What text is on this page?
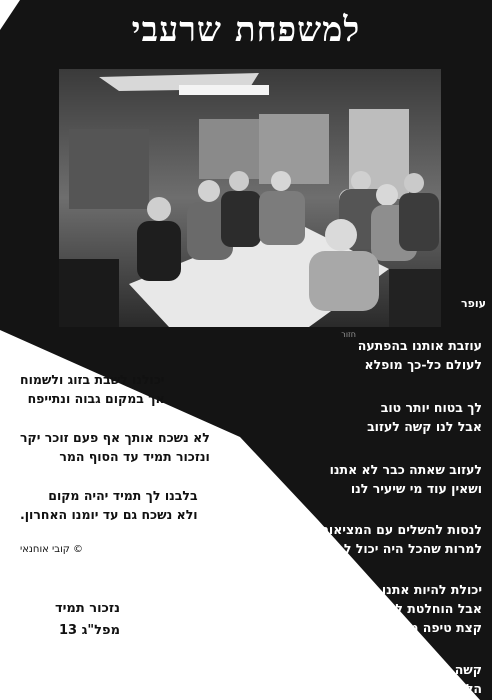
למשפחת שרעבי
עופר
עוזבת אותנו בהפתעה
לעולם כל-כך מופלא
לך בטוח יותר טוב
אבל לנו קשה לעזוב
לעזוב שאתה כבר לא אתנו
ושאין עוד מי שיעיר לנו
לנסות להשלים עם המציאות הכואבת
למרות שהכל היה יכול להיות אחרת
יכולת להיות אתנו בבית משוחרר
אבל הוחלטת להישאר למרות שהיה
קצת טיפה מר
קשה להתרגל מהריע למצב
הלבן שאתה כבר לא אתנו עכשיו
חזור
יכולנו לשבת בזוג ולשמוח
אך במקום גבוה ונתייפח
לא נשכח אותך אף פעם זוכר יקר
ונזכור תמיד עד הסוף המר
בלבנו לך תמיד יהיה מקום
ולא נשכח גם עד יומנו האחרון.
© קובי אוחנאי
נזכור תמיד
מפל"ג 13
